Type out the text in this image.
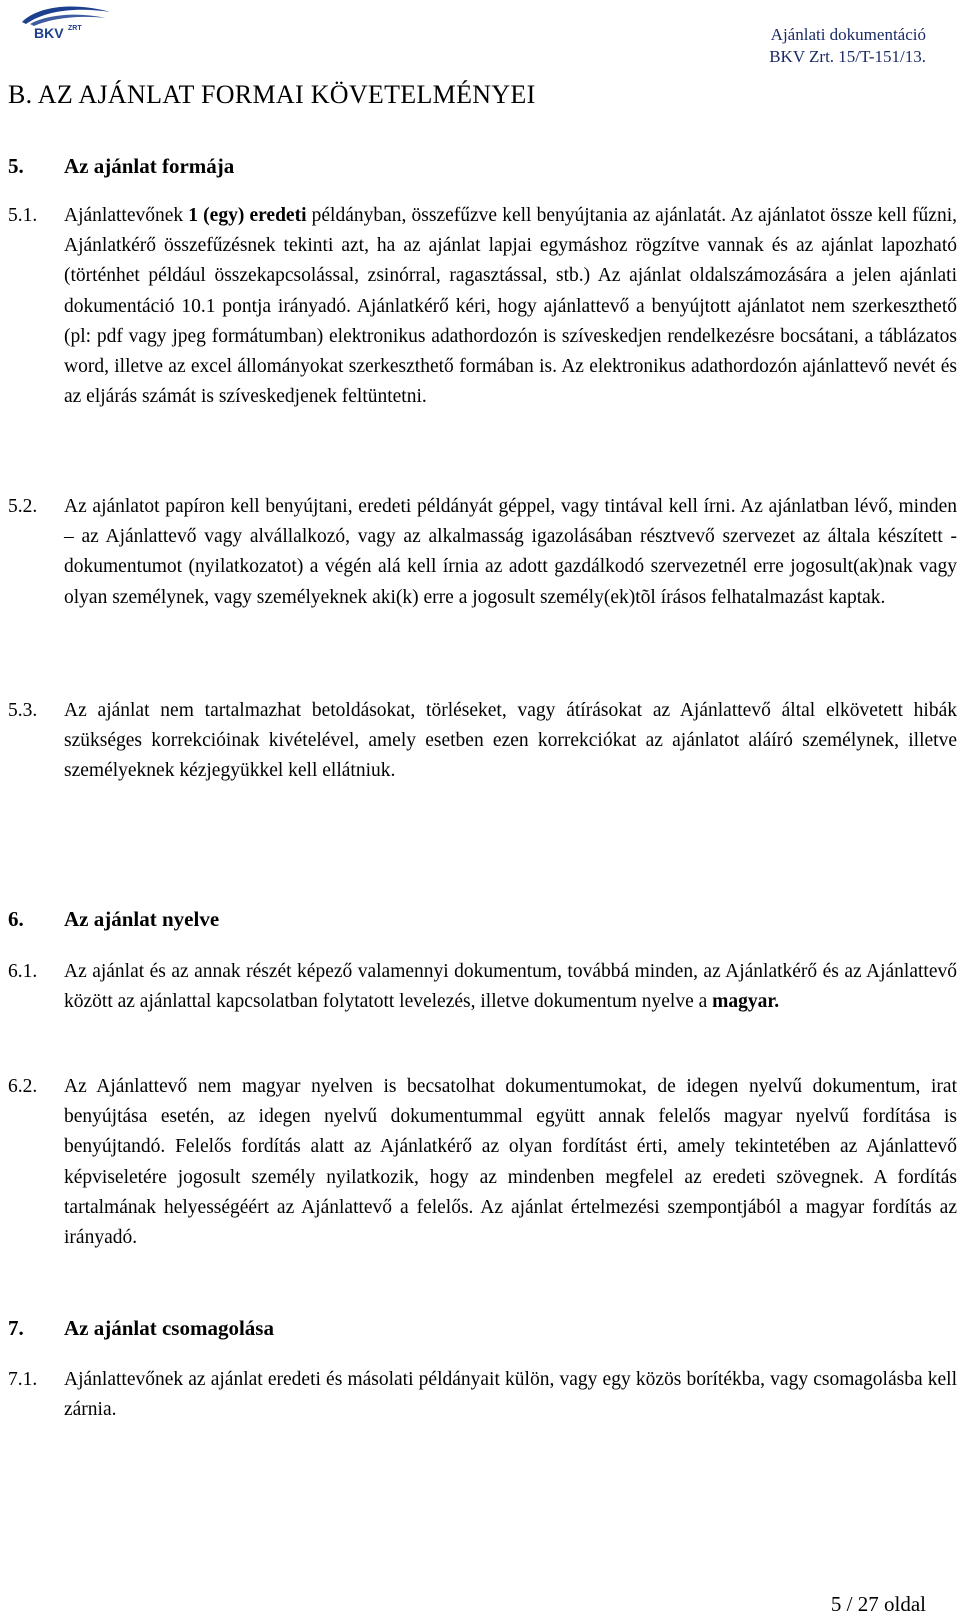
BKV ZRT	Ajánlati dokumentáció
BKV Zrt. 15/T-151/13.
B. AZ AJÁNLAT FORMAI KÖVETELMÉNYEI
5. Az ajánlat formája
5.1. Ajánlattevőnek 1 (egy) eredeti példányban, összefűzve kell benyújtania az ajánlatát. Az ajánlatot össze kell fűzni, Ajánlatkérő összefűzésnek tekinti azt, ha az ajánlat lapjai egymáshoz rögzítve vannak és az ajánlat lapozható (történhet például összekapcsolással, zsinórral, ragasztással, stb.) Az ajánlat oldalszámozására a jelen ajánlati dokumentáció 10.1 pontja irányadó. Ajánlatkérő kéri, hogy ajánlattevő a benyújtott ajánlatot nem szerkeszthető (pl: pdf vagy jpeg formátumban) elektronikus adathordozón is szíveskedjen rendelkezésre bocsátani, a táblázatos word, illetve az excel állományokat szerkeszthető formában is. Az elektronikus adathordozón ajánlattevő nevét és az eljárás számát is szíveskedjenek feltüntetni.
5.2. Az ajánlatot papíron kell benyújtani, eredeti példányát géppel, vagy tintával kell írni. Az ajánlatban lévő, minden – az Ajánlattevő vagy alvállalkozó, vagy az alkalmasság igazolásában résztvevő szervezet az általa készített - dokumentumot (nyilatkozatot) a végén alá kell írnia az adott gazdálkodó szervezetnél erre jogosult(ak)nak vagy olyan személynek, vagy személyeknek aki(k) erre a jogosult személy(ek)tõl írásos felhatalmazást kaptak.
5.3. Az ajánlat nem tartalmazhat betoldásokat, törléseket, vagy átírásokat az Ajánlattevő által elkövetett hibák szükséges korrekcióinak kivételével, amely esetben ezen korrekciókat az ajánlatot aláíró személynek, illetve személyeknek kézjegyükkel kell ellátniuk.
6. Az ajánlat nyelve
6.1. Az ajánlat és az annak részét képező valamennyi dokumentum, továbbá minden, az Ajánlatkérő és az Ajánlattevő között az ajánlattal kapcsolatban folytatott levelezés, illetve dokumentum nyelve a magyar.
6.2. Az Ajánlattevő nem magyar nyelven is becsatolhat dokumentumokat, de idegen nyelvű dokumentum, irat benyújtása esetén, az idegen nyelvű dokumentummal együtt annak felelős magyar nyelvű fordítása is benyújtandó. Felelős fordítás alatt az Ajánlatkérő az olyan fordítást érti, amely tekintetében az Ajánlattevő képviseletére jogosult személy nyilatkozik, hogy az mindenben megfelel az eredeti szövegnek. A fordítás tartalmának helyességéért az Ajánlattevő a felelős. Az ajánlat értelmezési szempontjából a magyar fordítás az irányadó.
7. Az ajánlat csomagolása
7.1. Ajánlattevőnek az ajánlat eredeti és másolati példányait külön, vagy egy közös borítékba, vagy csomagolásba kell zárnia.
5 / 27 oldal
